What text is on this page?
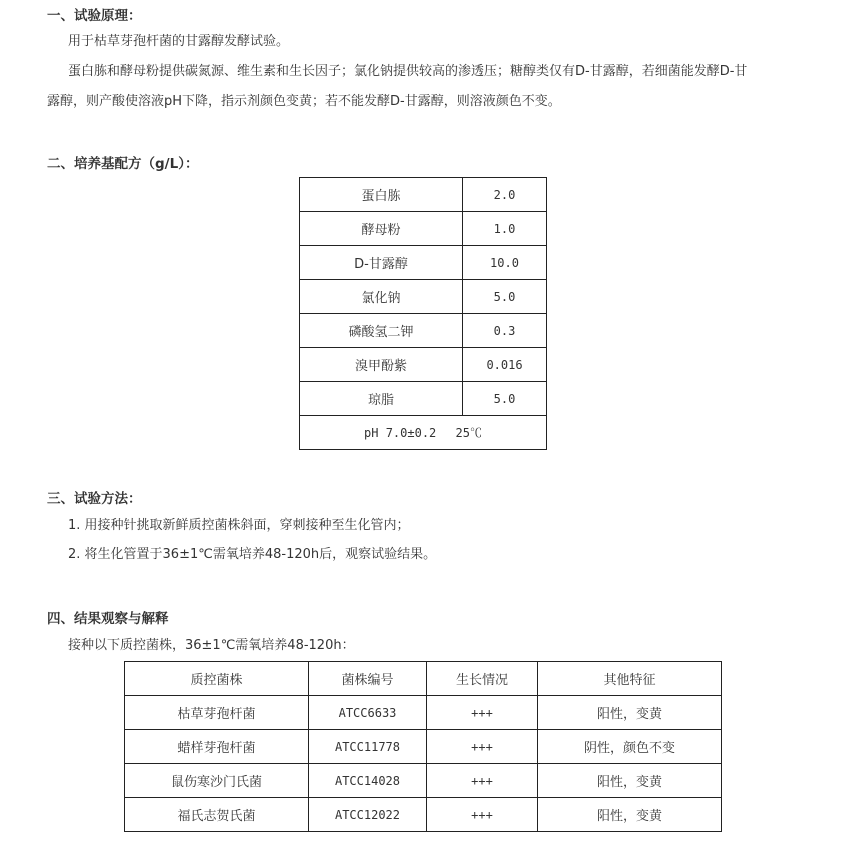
一、试验原理：
用于枯草芽孢杆菌的甘露醇发酵试验。
蛋白胨和酵母粉提供碳氮源、维生素和生长因子；氯化钠提供较高的渗透压；糖醇类仅有D-甘露醇，若细菌能发酵D-甘
露醇，则产酸使溶液pH下降，指示剂颜色变黄；若不能发酵D-甘露醇，则溶液颜色不变。
二、培养基配方（g/L）：
蛋白胨	2.0
酵母粉	1.0
D-甘露醇	10.0
氯化钠	5.0
磷酸氢二钾	0.3
溴甲酚紫	0.016
琼脂	5.0
pH 7.0±0.2　 25℃	
三、试验方法：
1. 用接种针挑取新鲜质控菌株斜面，穿刺接种至生化管内；
2. 将生化管置于36±1℃需氧培养48-120h后，观察试验结果。
四、结果观察与解释
接种以下质控菌株，36±1℃需氧培养48-120h：
质控菌株	菌株编号	生长情况	其他特征
枯草芽孢杆菌	ATCC6633	+++	阳性，变黄
蜡样芽孢杆菌	ATCC11778	+++	阴性，颜色不变
鼠伤寒沙门氏菌	ATCC14028	+++	阳性，变黄
福氏志贺氏菌	ATCC12022	+++	阳性，变黄
